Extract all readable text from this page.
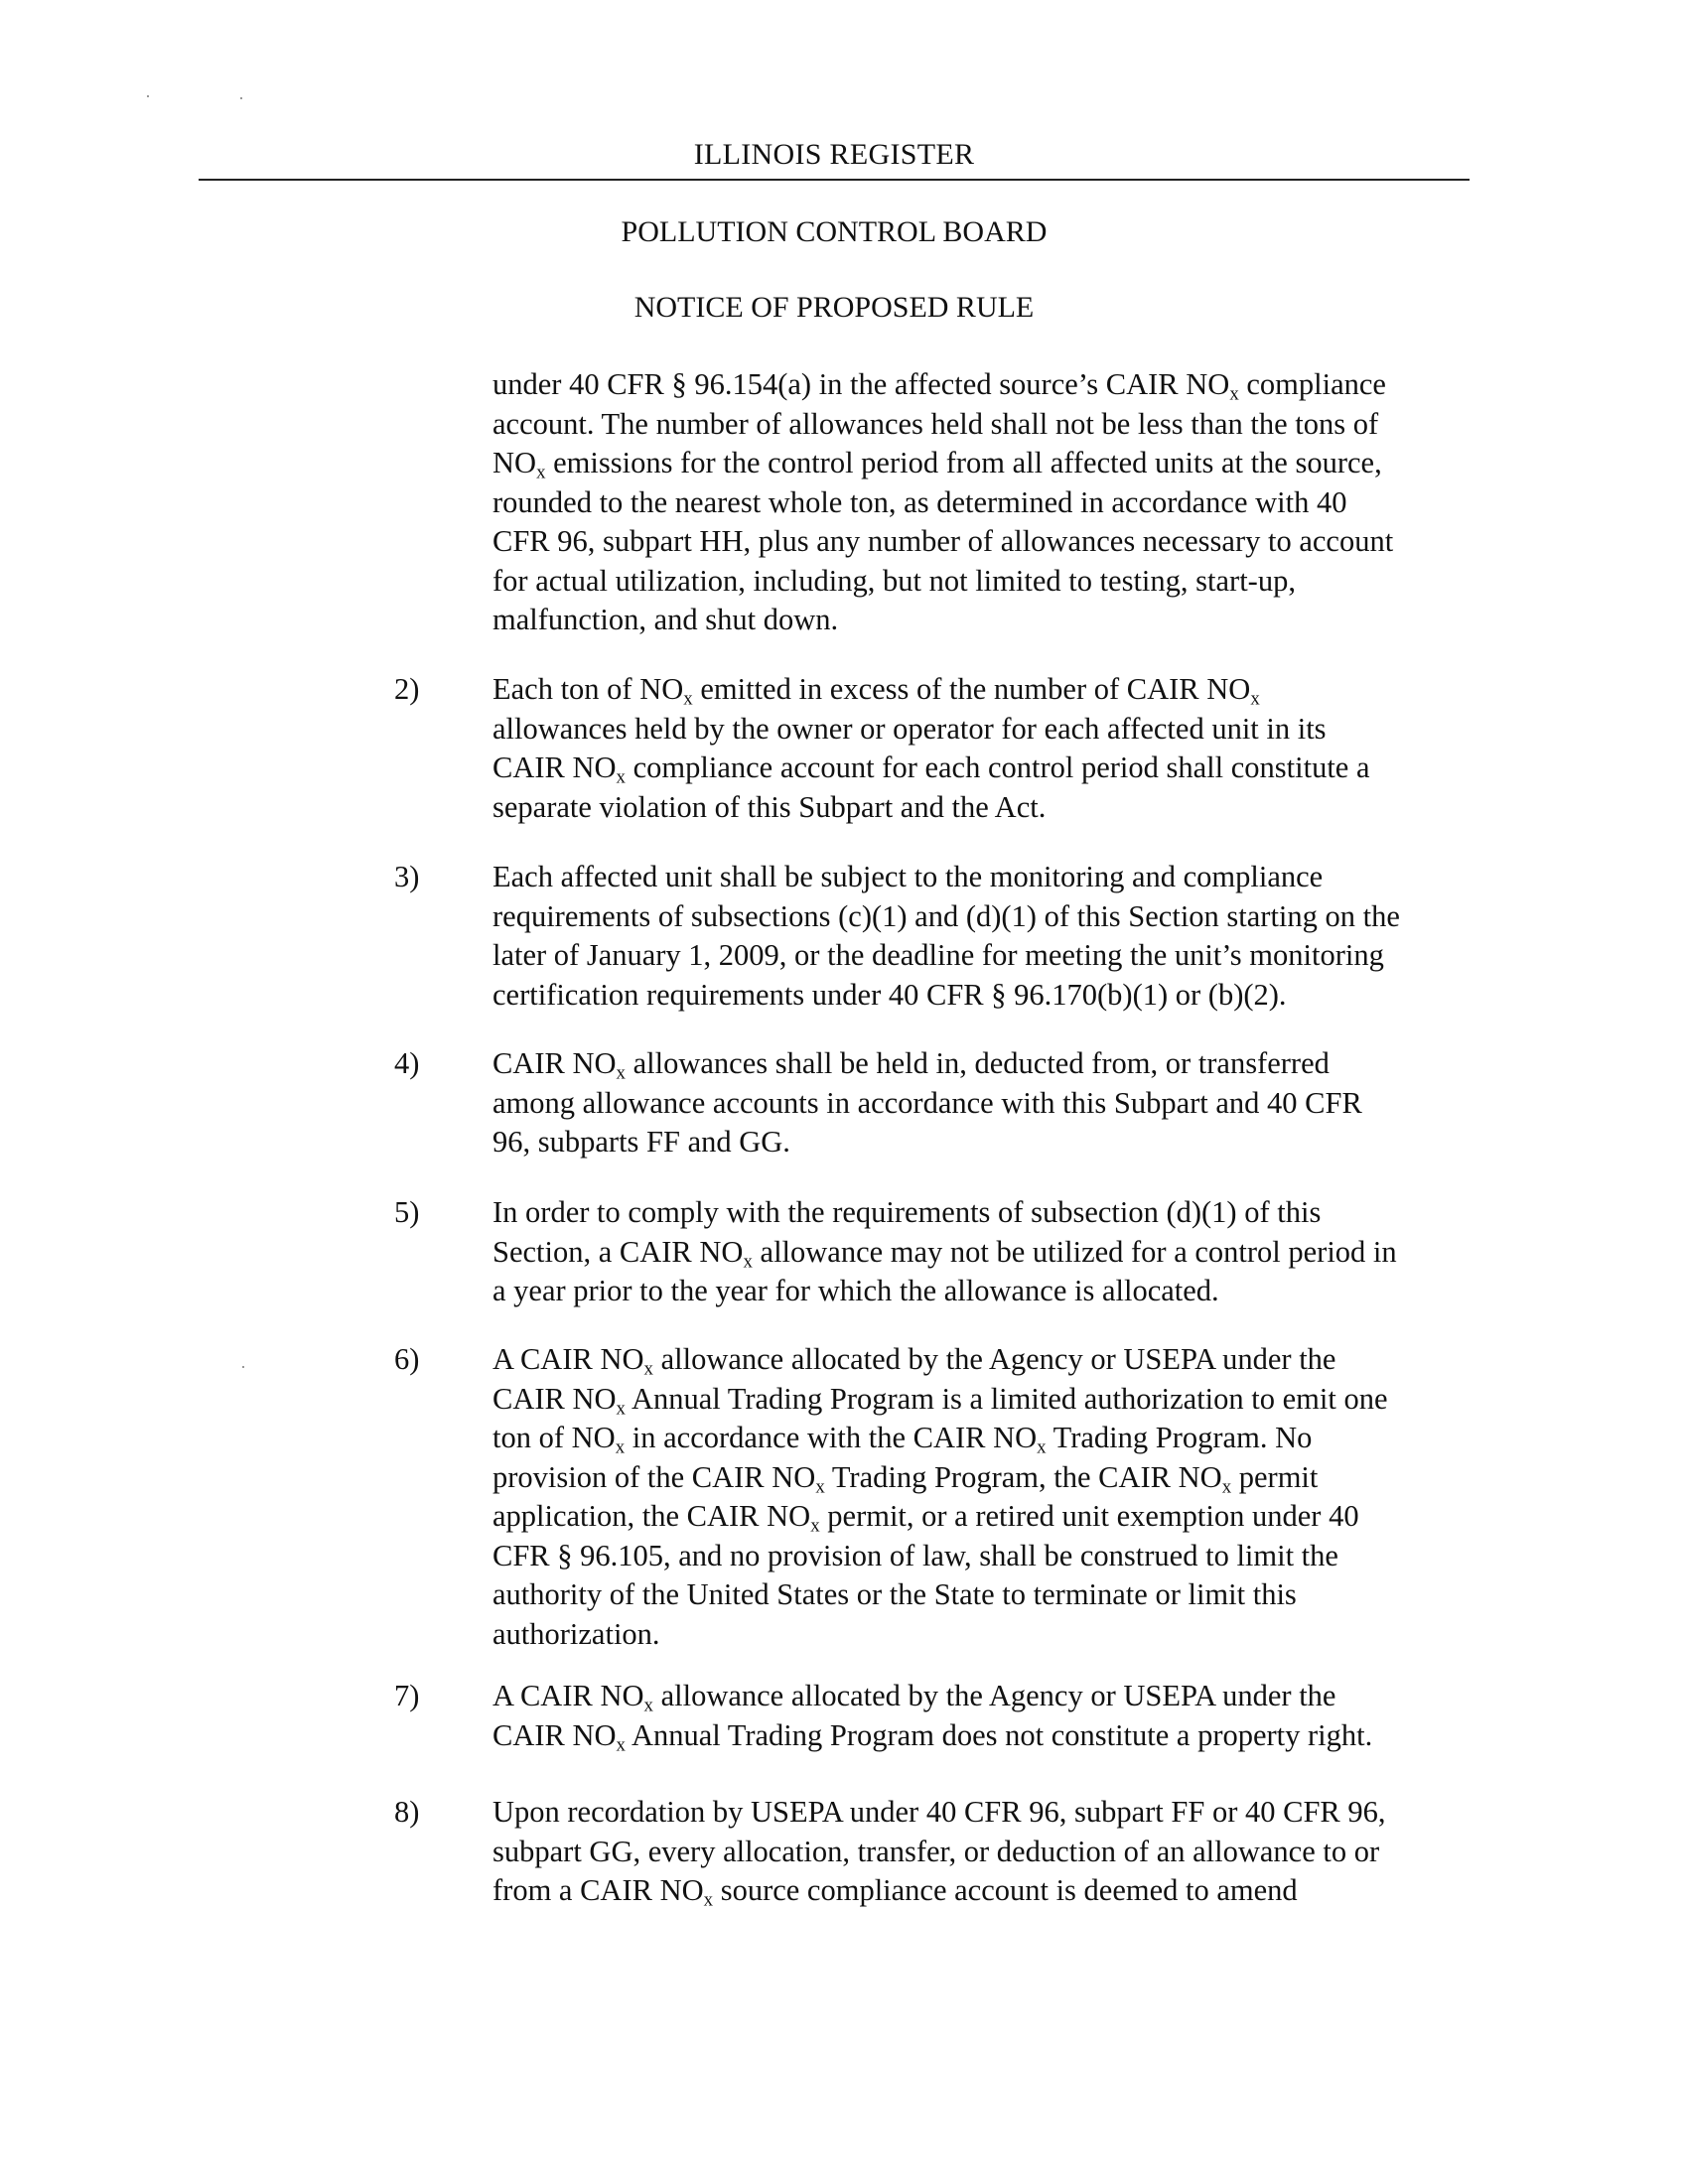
ILLINOIS REGISTER
POLLUTION CONTROL BOARD
NOTICE OF PROPOSED RULE
under 40 CFR § 96.154(a) in the affected source’s CAIR $NO_x$ compliance
account. The number of allowances held shall not be less than the tons of
$NO_x$ emissions for the control period from all affected units at the source,
rounded to the nearest whole ton, as determined in accordance with 40
CFR 96, subpart HH, plus any number of allowances necessary to account
for actual utilization, including, but not limited to testing, start-up,
malfunction, and shut down.
2) Each ton of $NO_x$ emitted in excess of the number of CAIR $NO_x$
allowances held by the owner or operator for each affected unit in its
CAIR $NO_x$ compliance account for each control period shall constitute a
separate violation of this Subpart and the Act.
3) Each affected unit shall be subject to the monitoring and compliance
requirements of subsections (c)(1) and (d)(1) of this Section starting on the
later of January 1, 2009, or the deadline for meeting the unit’s monitoring
certification requirements under 40 CFR § 96.170(b)(1) or (b)(2).
4) CAIR $NO_x$ allowances shall be held in, deducted from, or transferred
among allowance accounts in accordance with this Subpart and 40 CFR
96, subparts FF and GG.
5) In order to comply with the requirements of subsection (d)(1) of this
Section, a CAIR $NO_x$ allowance may not be utilized for a control period in
a year prior to the year for which the allowance is allocated.
6) A CAIR $NO_x$ allowance allocated by the Agency or USEPA under the
CAIR $NO_x$ Annual Trading Program is a limited authorization to emit one
ton of $NO_x$ in accordance with the CAIR $NO_x$ Trading Program. No
provision of the CAIR $NO_x$ Trading Program, the CAIR $NO_x$ permit
application, the CAIR $NO_x$ permit, or a retired unit exemption under 40
CFR § 96.105, and no provision of law, shall be construed to limit the
authority of the United States or the State to terminate or limit this
authorization.
7) A CAIR $NO_x$ allowance allocated by the Agency or USEPA under the
CAIR $NO_x$ Annual Trading Program does not constitute a property right.
8) Upon recordation by USEPA under 40 CFR 96, subpart FF or 40 CFR 96,
subpart GG, every allocation, transfer, or deduction of an allowance to or
from a CAIR $NO_x$ source compliance account is deemed to amend
